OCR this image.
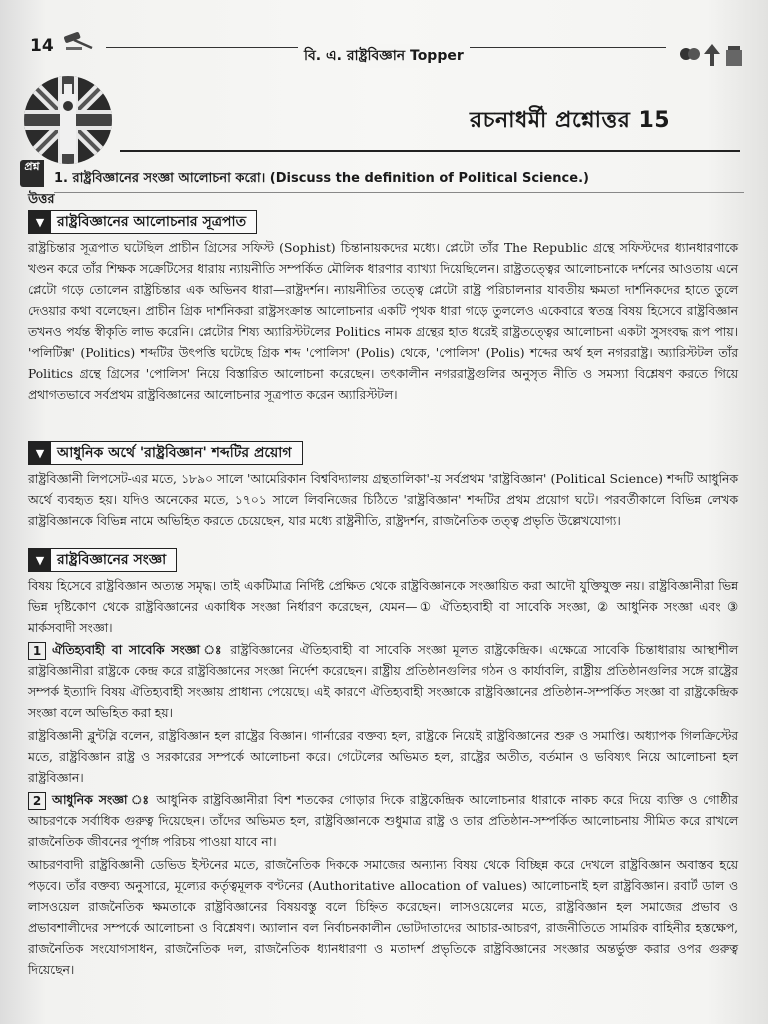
14	বি. এ. রাষ্ট্রবিজ্ঞান Topper
রচনাধর্মী প্রশ্নোত্তর 15
প্রশ্ন
1. রাষ্ট্রবিজ্ঞানের সংজ্ঞা আলোচনা করো। (Discuss the definition of Political Science.)
উত্তর
▼ রাষ্ট্রবিজ্ঞানের আলোচনার সূত্রপাত

রাষ্ট্রচিন্তার সূত্রপাত ঘটেছিল প্রাচীন গ্রিসের সফিস্ট (Sophist) চিন্তানায়কদের মধ্যে। প্লেটো তাঁর The Republic গ্রন্থে সফিস্টদের ধ্যানধারণাকে খণ্ডন করে তাঁর শিক্ষক সক্রেটিসের ধারায় ন্যায়নীতি সম্পর্কিত মৌলিক ধারণার ব্যাখ্যা দিয়েছিলেন। রাষ্ট্রতত্ত্বের আলোচনাকে দর্শনের আওতায় এনে প্লেটো গড়ে তোলেন রাষ্ট্রচিন্তার এক অভিনব ধারা—রাষ্ট্রদর্শন। ন্যায়নীতির তত্ত্বে প্লেটো রাষ্ট্র পরিচালনার যাবতীয় ক্ষমতা দার্শনিকদের হাতে তুলে দেওয়ার কথা বলেছেন। প্রাচীন গ্রিক দার্শনিকরা রাষ্ট্রসংক্রান্ত আলোচনার একটি পৃথক ধারা গড়ে তুললেও একেবারে স্বতন্ত্র বিষয় হিসেবে রাষ্ট্রবিজ্ঞান তখনও পর্যন্ত স্বীকৃতি লাভ করেনি। প্লেটোর শিষ্য অ্যারিস্টটলের Politics নামক গ্রন্থের হাত ধরেই রাষ্ট্রতত্ত্বের আলোচনা একটা সুসংবদ্ধ রূপ পায়। 'পলিটিক্স' (Politics) শব্দটির উৎপত্তি ঘটেছে গ্রিক শব্দ 'পোলিস' (Polis) থেকে, 'পোলিস' (Polis) শব্দের অর্থ হল নগররাষ্ট্র। অ্যারিস্টটল তাঁর Politics গ্রন্থে গ্রিসের 'পোলিস' নিয়ে বিস্তারিত আলোচনা করেছেন। তৎকালীন নগররাষ্ট্রগুলির অনুসৃত নীতি ও সমস্যা বিশ্লেষণ করতে গিয়ে প্রথাগতভাবে সর্বপ্রথম রাষ্ট্রবিজ্ঞানের আলোচনার সূত্রপাত করেন অ্যারিস্টটল।

▼ আধুনিক অর্থে 'রাষ্ট্রবিজ্ঞান' শব্দটির প্রয়োগ

রাষ্ট্রবিজ্ঞানী লিপসেট-এর মতে, ১৮৯০ সালে 'আমেরিকান বিশ্ববিদ্যালয় গ্রন্থতালিকা'-য় সর্বপ্রথম 'রাষ্ট্রবিজ্ঞান' (Political Science) শব্দটি আধুনিক অর্থে ব্যবহৃত হয়। যদিও অনেকের মতে, ১৭০১ সালে লিবনিজের চিঠিতে 'রাষ্ট্রবিজ্ঞান' শব্দটির প্রথম প্রয়োগ ঘটে। পরবর্তীকালে বিভিন্ন লেখক রাষ্ট্রবিজ্ঞানকে বিভিন্ন নামে অভিহিত করতে চেয়েছেন, যার মধ্যে রাষ্ট্রনীতি, রাষ্ট্রদর্শন, রাজনৈতিক তত্ত্ব প্রভৃতি উল্লেখযোগ্য।

▼ রাষ্ট্রবিজ্ঞানের সংজ্ঞা

বিষয় হিসেবে রাষ্ট্রবিজ্ঞান অত্যন্ত সমৃদ্ধ। তাই একটিমাত্র নির্দিষ্ট প্রেক্ষিত থেকে রাষ্ট্রবিজ্ঞানকে সংজ্ঞায়িত করা আদৌ যুক্তিযুক্ত নয়। রাষ্ট্রবিজ্ঞানীরা ভিন্ন ভিন্ন দৃষ্টিকোণ থেকে রাষ্ট্রবিজ্ঞানের একাধিক সংজ্ঞা নির্ধারণ করেছেন, যেমন—① ঐতিহ্যবাহী বা সাবেকি সংজ্ঞা, ② আধুনিক সংজ্ঞা এবং ③ মার্কসবাদী সংজ্ঞা।

1 ঐতিহ্যবাহী বা সাবেকি সংজ্ঞা ঃ রাষ্ট্রবিজ্ঞানের ঐতিহ্যবাহী বা সাবেকি সংজ্ঞা মূলত রাষ্ট্রকেন্দ্রিক। এক্ষেত্রে সাবেকি চিন্তাধারায় আস্থাশীল রাষ্ট্রবিজ্ঞানীরা রাষ্ট্রকে কেন্দ্র করে রাষ্ট্রবিজ্ঞানের সংজ্ঞা নির্দেশ করেছেন। রাষ্ট্রীয় প্রতিষ্ঠানগুলির গঠন ও কার্যাবলি, রাষ্ট্রীয় প্রতিষ্ঠানগুলির সঙ্গে রাষ্ট্রের সম্পর্ক ইত্যাদি বিষয় ঐতিহ্যবাহী সংজ্ঞায় প্রাধান্য পেয়েছে। এই কারণে ঐতিহ্যবাহী সংজ্ঞাকে রাষ্ট্রবিজ্ঞানের প্রতিষ্ঠান-সম্পর্কিত সংজ্ঞা বা রাষ্ট্রকেন্দ্রিক সংজ্ঞা বলে অভিহিত করা হয়।

রাষ্ট্রবিজ্ঞানী ব্লুন্টস্লি বলেন, রাষ্ট্রবিজ্ঞান হল রাষ্ট্রের বিজ্ঞান। গার্নারের বক্তব্য হল, রাষ্ট্রকে নিয়েই রাষ্ট্রবিজ্ঞানের শুরু ও সমাপ্তি। অধ্যাপক গিলক্রিস্টের মতে, রাষ্ট্রবিজ্ঞান রাষ্ট্র ও সরকারের সম্পর্কে আলোচনা করে। গেটেলের অভিমত হল, রাষ্ট্রের অতীত, বর্তমান ও ভবিষ্যৎ নিয়ে আলোচনা হল রাষ্ট্রবিজ্ঞান।

2 আধুনিক সংজ্ঞা ঃ আধুনিক রাষ্ট্রবিজ্ঞানীরা বিশ শতকের গোড়ার দিকে রাষ্ট্রকেন্দ্রিক আলোচনার ধারাকে নাকচ করে দিয়ে ব্যক্তি ও গোষ্ঠীর আচরণকে সর্বাধিক গুরুত্ব দিয়েছেন। তাঁদের অভিমত হল, রাষ্ট্রবিজ্ঞানকে শুধুমাত্র রাষ্ট্র ও তার প্রতিষ্ঠান-সম্পর্কিত আলোচনায় সীমিত করে রাখলে রাজনৈতিক জীবনের পূর্ণাঙ্গ পরিচয় পাওয়া যাবে না।

আচরণবাদী রাষ্ট্রবিজ্ঞানী ডেভিড ইস্টনের মতে, রাজনৈতিক দিককে সমাজের অন্যান্য বিষয় থেকে বিচ্ছিন্ন করে দেখলে রাষ্ট্রবিজ্ঞান অবাস্তব হয়ে পড়বে। তাঁর বক্তব্য অনুসারে, মূল্যের কর্তৃত্বমূলক বণ্টনের (Authoritative allocation of values) আলোচনাই হল রাষ্ট্রবিজ্ঞান। রবার্ট ডাল ও লাসওয়েল রাজনৈতিক ক্ষমতাকে রাষ্ট্রবিজ্ঞানের বিষয়বস্তু বলে চিহ্নিত করেছেন। লাসওয়েলের মতে, রাষ্ট্রবিজ্ঞান হল সমাজের প্রভাব ও প্রভাবশালীদের সম্পর্কে আলোচনা ও বিশ্লেষণ। অ্যালান বল নির্বাচনকালীন ভোটদাতাদের আচার-আচরণ, রাজনীতিতে সামরিক বাহিনীর হস্তক্ষেপ, রাজনৈতিক সংযোগসাধন, রাজনৈতিক দল, রাজনৈতিক ধ্যানধারণা ও মতাদর্শ প্রভৃতিকে রাষ্ট্রবিজ্ঞানের সংজ্ঞার অন্তর্ভুক্ত করার ওপর গুরুত্ব দিয়েছেন।
